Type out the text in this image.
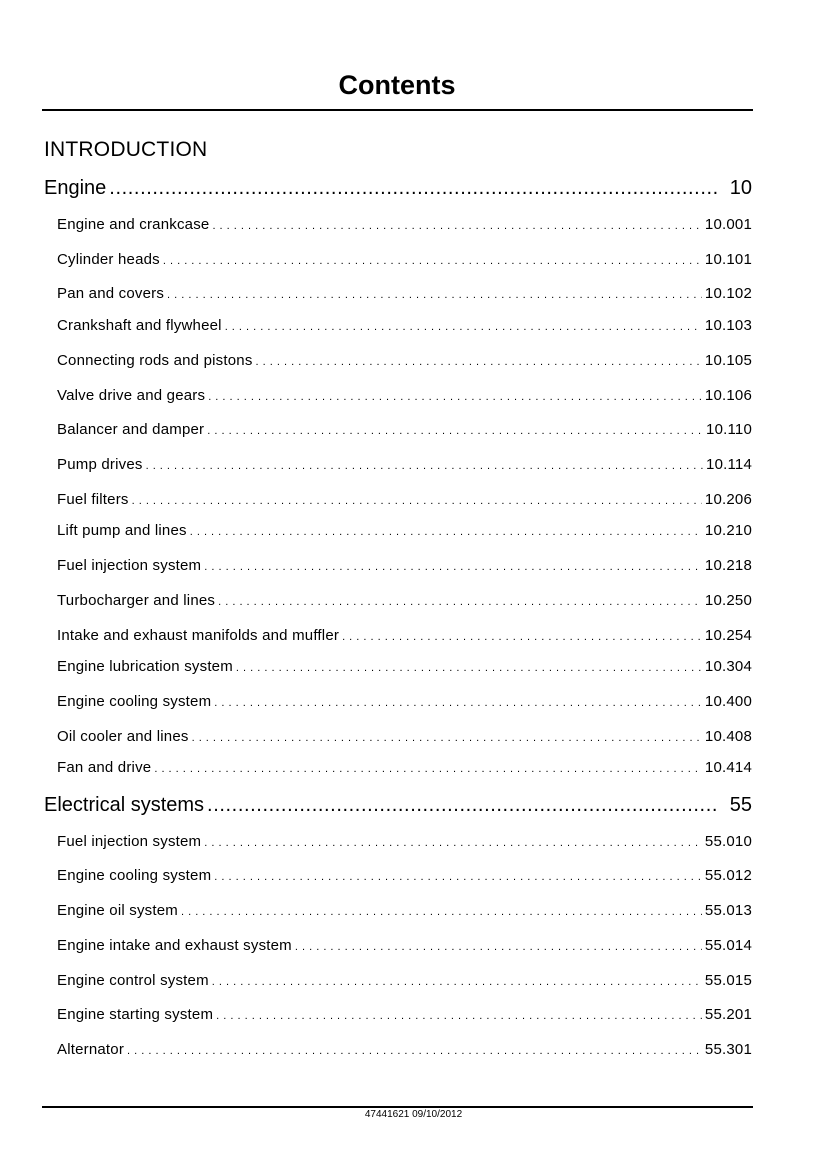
Contents
INTRODUCTION
Engine .....	10
Engine and crankcase . . .	10.001
Cylinder heads . . .	10.101
Pan and covers . . .	10.102
Crankshaft and flywheel . . .	10.103
Connecting rods and pistons . . .	10.105
Valve drive and gears . . .	10.106
Balancer and damper . . .	10.110
Pump drives . . .	10.114
Fuel filters . . .	10.206
Lift pump and lines . . .	10.210
Fuel injection system . . .	10.218
Turbocharger and lines . . .	10.250
Intake and exhaust manifolds and muffler . . .	10.254
Engine lubrication system . . .	10.304
Engine cooling system . . .	10.400
Oil cooler and lines . . .	10.408
Fan and drive . . .	10.414
Electrical systems .....	55
Fuel injection system . . .	55.010
Engine cooling system . . .	55.012
Engine oil system . . .	55.013
Engine intake and exhaust system . . .	55.014
Engine control system . . .	55.015
Engine starting system . . .	55.201
Alternator . . .	55.301
47441621 09/10/2012
